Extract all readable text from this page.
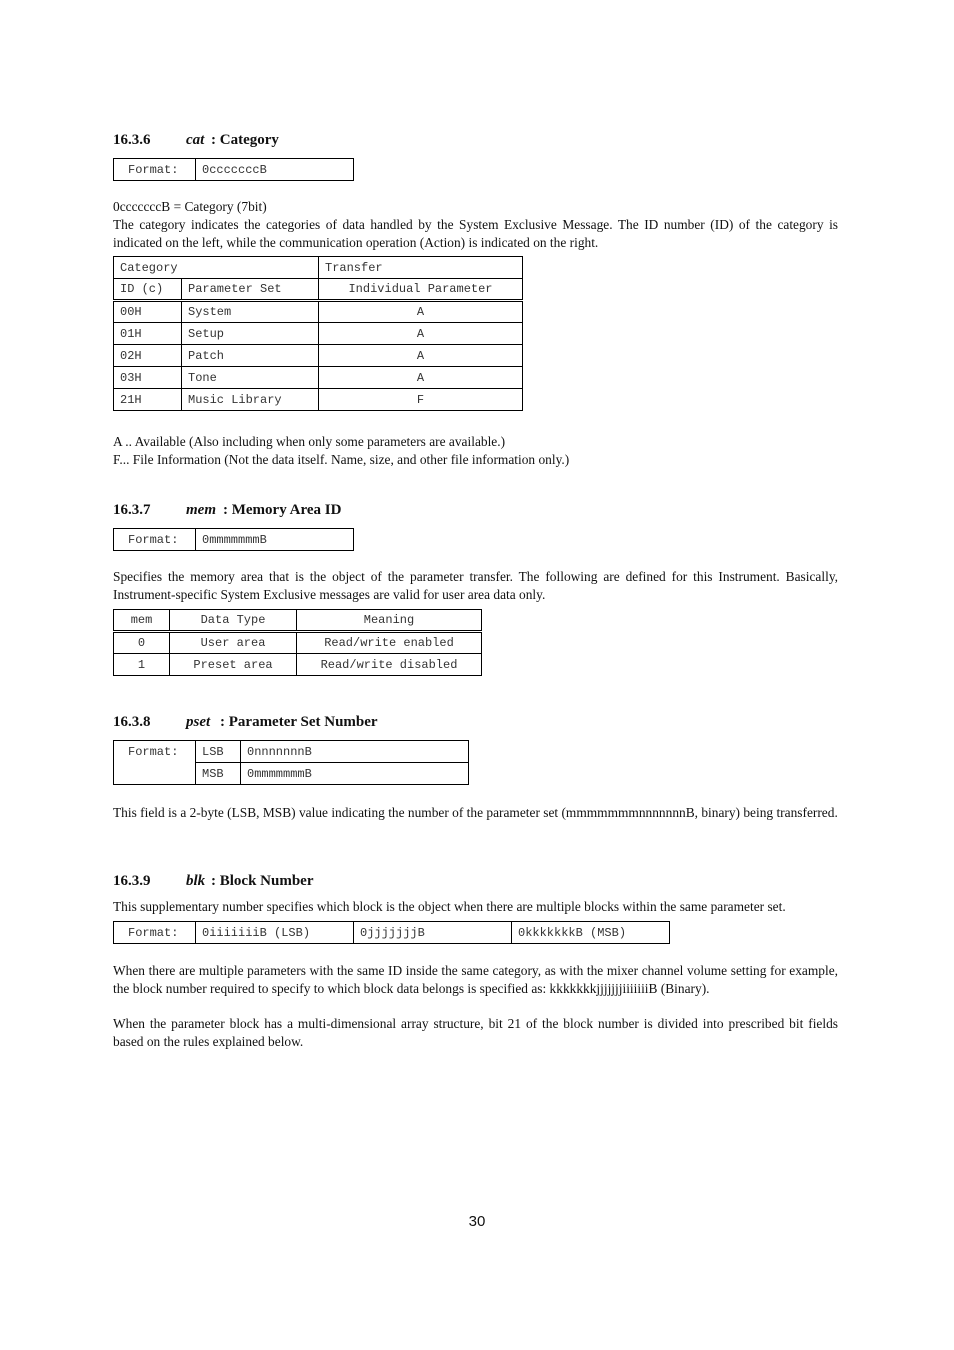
16.3.6 cat : Category
Format:	0cccccccB
0cccccccB = Category (7bit)
The category indicates the categories of data handled by the System Exclusive Message. The ID number (ID) of the category is indicated on the left, while the communication operation (Action) is indicated on the right.
Category		Transfer
ID (c)	Parameter Set	Individual Parameter
00H	System	A
01H	Setup	A
02H	Patch	A
03H	Tone	A
21H	Music Library	F
A .. Available (Also including when only some parameters are available.)
F... File Information (Not the data itself. Name, size, and other file information only.)
16.3.7 mem : Memory Area ID
Format:	0mmmmmmmB
Specifies the memory area that is the object of the parameter transfer. The following are defined for this Instrument. Basically, Instrument-specific System Exclusive messages are valid for user area data only.
mem	Data Type	Meaning
0	User area	Read/write enabled
1	Preset area	Read/write disabled
16.3.8 pset : Parameter Set Number
Format:	LSB	0nnnnnnnB
	MSB	0mmmmmmmB
This field is a 2-byte (LSB, MSB) value indicating the number of the parameter set (mmmmmmmnnnnnnnB, binary) being transferred.
16.3.9 blk : Block Number
This supplementary number specifies which block is the object when there are multiple blocks within the same parameter set.
Format:	0iiiiiiiB (LSB)	0jjjjjjjB	0kkkkkkkB (MSB)
When there are multiple parameters with the same ID inside the same category, as with the mixer channel volume setting for example, the block number required to specify to which block data belongs is specified as: kkkkkkkjjjjjjjiiiiiiiB (Binary).
When the parameter block has a multi-dimensional array structure, bit 21 of the block number is divided into prescribed bit fields based on the rules explained below.
30
